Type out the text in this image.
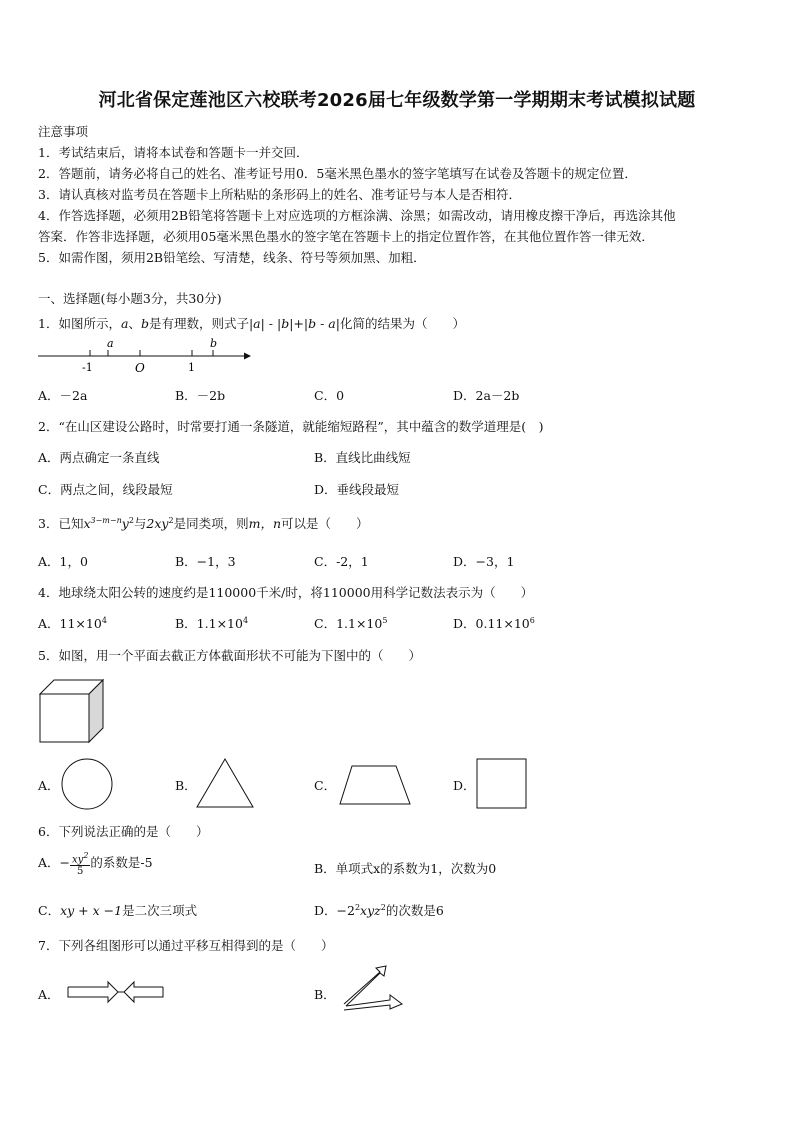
河北省保定莲池区六校联考2026届七年级数学第一学期期末考试模拟试题
注意事项
1．考试结束后，请将本试卷和答题卡一并交回．
2．答题前，请务必将自己的姓名、准考证号用0．5毫米黑色墨水的签字笔填写在试卷及答题卡的规定位置．
3．请认真核对监考员在答题卡上所粘贴的条形码上的姓名、准考证号与本人是否相符．
4．作答选择题，必须用2B铅笔将答题卡上对应选项的方框涂满、涂黑；如需改动，请用橡皮擦干净后，再选涂其他
答案．作答非选择题，必须用05毫米黑色墨水的签字笔在答题卡上的指定位置作答，在其他位置作答一律无效．
5．如需作图，须用2B铅笔绘、写清楚，线条、符号等须加黑、加粗．
一、选择题(每小题3分，共30分)
1．如图所示，a、b是有理数，则式子|a| - |b|+|b - a|化简的结果为（　　）
a	b
-1	O	1
A．－2a	B．－2b	C．0	D．2a－2b
2．“在山区建设公路时，时常要打通一条隧道，就能缩短路程”，其中蕴含的数学道理是(　)
A．两点确定一条直线	B．直线比曲线短
C．两点之间，线段最短	D．垂线段最短
3．已知$x^{3-m-n}y^2$与$2xy^2$是同类项，则m，n可以是（　　）
A．1，0	B．−1，3	C．-2，1	D．−3，1
4．地球绕太阳公转的速度约是110000千米/时，将110000用科学记数法表示为（　　）
A．$11\times 10^4$	B．$1.1\times 10^4$	C．$1.1\times 10^5$	D．$0.11\times 10^6$
5．如图，用一个平面去截正方体截面形状不可能为下图中的（　　）
A．	B．	C．	D．
6．下列说法正确的是（　　）
A．− $\frac{xy^2}{5}$ 的系数是-5	B．单项式x的系数为1，次数为0
C．xy + x −1是二次三项式	D．$-2^2xyz^2$的次数是6
7．下列各组图形可以通过平移互相得到的是（　　）
A．	B．
